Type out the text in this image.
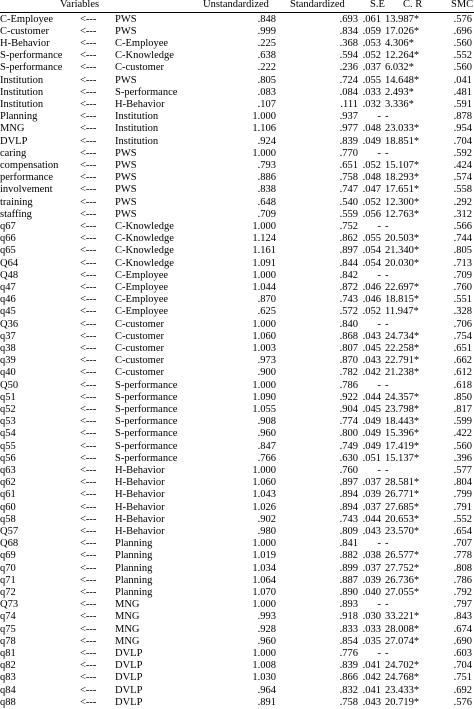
Variables	Unstandardized Standardized S.E C. R	SMC
C-Employee	<--- PWS	.848	.693 .061 13.987*	.576
C-customer	<--- PWS	.999	.834 .059 17.026*	.696
H-Behavior	<--- C-Employee	.225	.368 .053 4.306*	.560
S-performance <--- C-Knowledge	.638	.594 .052 12.264*	.552
S-performance <--- C-customer	.222	.236 .037 6.032*	.560
Institution	<--- PWS	.805	.724 .055 14.648*	.041
Institution	<--- S-performance	.083	.084 .033 2.493*	.481
Institution	<--- H-Behavior	.107	.111 .032 3.336*	.591
Planning	<--- Institution	1.000	.937	- -	.878
MNG	<--- Institution	1.106	.977 .048 23.033*	.954
DVLP	<--- Institution	.924	.839 .049 18.851*	.704
caring	<--- PWS	1.000	.770	- -	.592
compensation <--- PWS	.793	.651 .052 15.107*	.424
performance	<--- PWS	.886	.758 .048 18.293*	.574
involvement	<--- PWS	.838	.747 .047 17.651*	.558
training	<--- PWS	.648	.540 .052 12.300*	.292
staffing	<--- PWS	.709	.559 .056 12.763*	.312
q67	<--- C-Knowledge	1.000	.752	- -	.566
q66	<--- C-Knowledge	1.124	.862 .055 20.503*	.744
q65	<--- C-Knowledge	1.161	.897 .054 21.340*	.805
Q64	<--- C-Knowledge	1.091	.844 .054 20.030*	.713
Q48	<--- C-Employee	1.000	.842	- -	.709
q47	<--- C-Employee	1.044	.872 .046 22.697*	.760
q46	<--- C-Employee	.870	.743 .046 18.815*	.551
q45	<--- C-Employee	.625	.572 .052 11.947*	.328
Q36	<--- C-customer	1.000	.840	- -	.706
q37	<--- C-customer	1.060	.868 .043 24.734*	.754
q38	<--- C-customer	1.003	.807 .045 22.258*	.651
q39	<--- C-customer	.973	.870 .043 22.791*	.662
q40	<--- C-customer	.900	.782 .042 21.238*	.612
Q50	<--- S-performance	1.000	.786	- -	.618
q51	<--- S-performance	1.090	.922 .044 24.357*	.850
q52	<--- S-performance	1.055	.904 .045 23.798*	.817
q53	<--- S-performance	.908	.774 .049 18.443*	.599
q54	<--- S-performance	.960	.800 .049 15.396*	.422
q55	<--- S-performance	.847	.749 .049 17.419*	.560
q56	<--- S-performance	.766	.630 .051 15.137*	.396
q63	<--- H-Behavior	1.000	.760	- -	.577
q62	<--- H-Behavior	1.060	.897 .037 28.581*	.804
q61	<--- H-Behavior	1.043	.894 .039 26.771*	.799
q60	<--- H-Behavior	1.026	.894 .037 27.685*	.791
q58	<--- H-Behavior	.902	.743 .044 20.653*	.552
Q57	<--- H-Behavior	.980	.809 .043 23.570*	.654
Q68	<--- Planning	1.000	.841	- -	.707
q69	<--- Planning	1.019	.882 .038 26.577*	.778
q70	<--- Planning	1.034	.899 .037 27.752*	.808
q71	<--- Planning	1.064	.887 .039 26.736*	.786
q72	<--- Planning	1.070	.890 .040 27.055*	.792
Q73	<--- MNG	1.000	.893	- -	.797
q74	<--- MNG	.993	.918 .030 33.221*	.843
q75	<--- MNG	.928	.833 .033 28.008*	.674
q78	<--- MNG	.960	.854 .035 27.074*	.690
q81	<--- DVLP	1.000	.776	- -	.603
q82	<--- DVLP	1.008	.839 .041 24.702*	.704
q83	<--- DVLP	1.030	.866 .042 24.768*	.751
q84	<--- DVLP	.964	.832 .041 23.433*	.692
q88	<--- DVLP	.891	.758 .043 20.719*	.576
